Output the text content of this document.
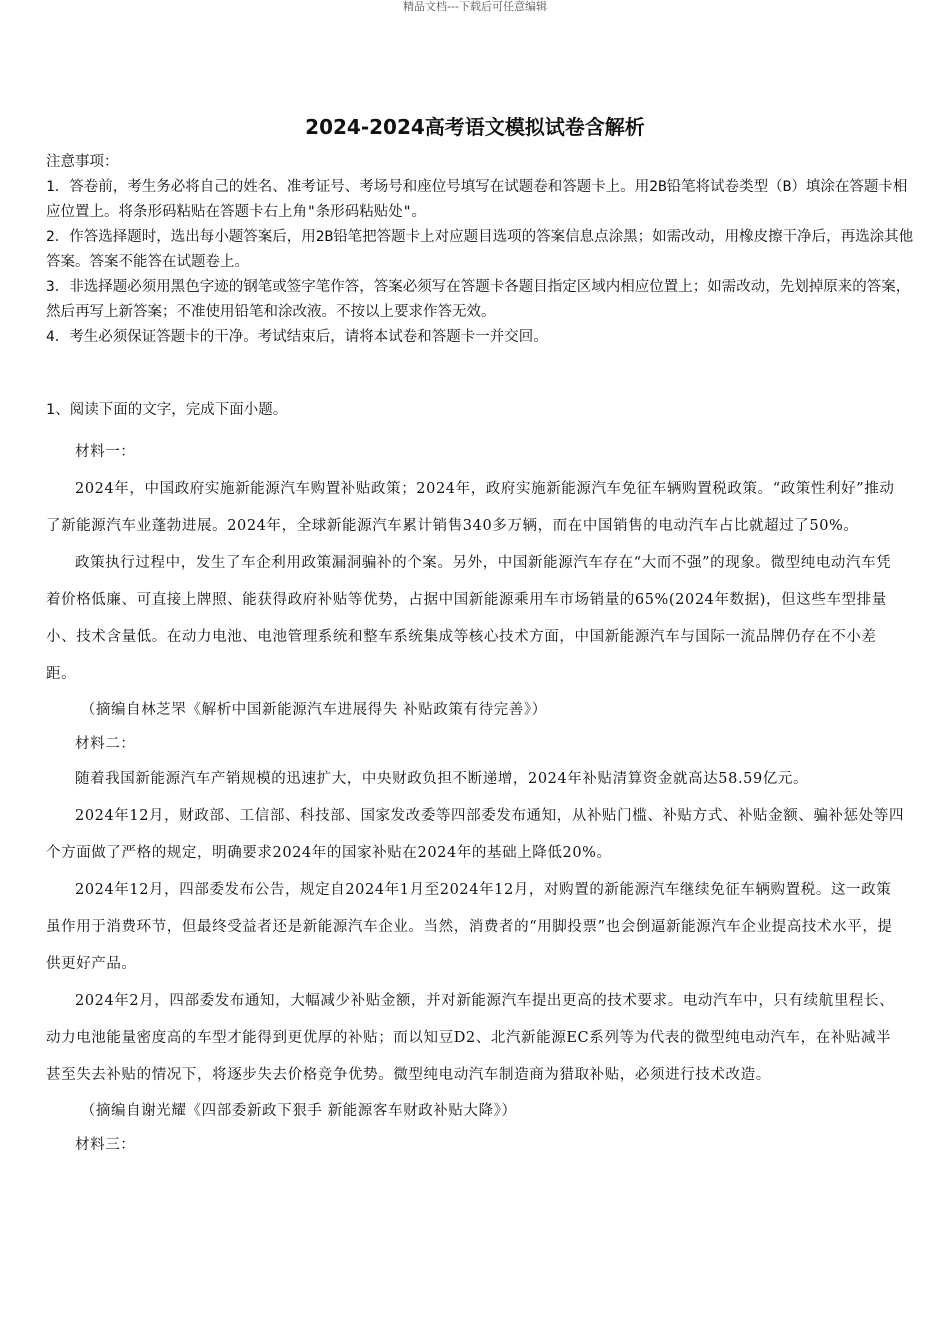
精品文档---下载后可任意编辑
2024-2024高考语文模拟试卷含解析

注意事项：

1．答卷前，考生务必将自己的姓名、准考证号、考场号和座位号填写在试题卷和答题卡上。用2B铅笔将试卷类型（B）填涂在答题卡相应位置上。将条形码粘贴在答题卡右上角"条形码粘贴处"。

2．作答选择题时，选出每小题答案后，用2B铅笔把答题卡上对应题目选项的答案信息点涂黑；如需改动，用橡皮擦干净后，再选涂其他答案。答案不能答在试题卷上。

3．非选择题必须用黑色字迹的钢笔或签字笔作答，答案必须写在答题卡各题目指定区域内相应位置上；如需改动，先划掉原来的答案，然后再写上新答案；不准使用铅笔和涂改液。不按以上要求作答无效。

4．考生必须保证答题卡的干净。考试结束后，请将本试卷和答题卡一并交回。

1、阅读下面的文字，完成下面小题。

材料一：

2024年，中国政府实施新能源汽车购置补贴政策；2024年，政府实施新能源汽车免征车辆购置税政策。“政策性利好”推动了新能源汽车业蓬勃进展。2024年，全球新能源汽车累计销售340多万辆，而在中国销售的电动汽车占比就超过了50%。

政策执行过程中，发生了车企利用政策漏洞骗补的个案。另外，中国新能源汽车存在“大而不强”的现象。微型纯电动汽车凭着价格低廉、可直接上牌照、能获得政府补贴等优势，占据中国新能源乘用车市场销量的65%(2024年数据)，但这些车型排量小、技术含量低。在动力电池、电池管理系统和整车系统集成等核心技术方面，中国新能源汽车与国际一流品牌仍存在不小差距。

（摘编自林芝罘《解析中国新能源汽车进展得失 补贴政策有待完善》）

材料二：

随着我国新能源汽车产销规模的迅速扩大，中央财政负担不断递增，2024年补贴清算资金就高达58.59亿元。

2024年12月，财政部、工信部、科技部、国家发改委等四部委发布通知，从补贴门槛、补贴方式、补贴金额、骗补惩处等四个方面做了严格的规定，明确要求2024年的国家补贴在2024年的基础上降低20%。

2024年12月，四部委发布公告，规定自2024年1月至2024年12月，对购置的新能源汽车继续免征车辆购置税。这一政策虽作用于消费环节，但最终受益者还是新能源汽车企业。当然，消费者的“用脚投票”也会倒逼新能源汽车企业提高技术水平，提供更好产品。

2024年2月，四部委发布通知，大幅减少补贴金额，并对新能源汽车提出更高的技术要求。电动汽车中，只有续航里程长、动力电池能量密度高的车型才能得到更优厚的补贴；而以知豆D2、北汽新能源EC系列等为代表的微型纯电动汽车，在补贴减半甚至失去补贴的情况下，将逐步失去价格竞争优势。微型纯电动汽车制造商为猎取补贴，必须进行技术改造。

（摘编自谢光耀《四部委新政下狠手 新能源客车财政补贴大降》）

材料三：
